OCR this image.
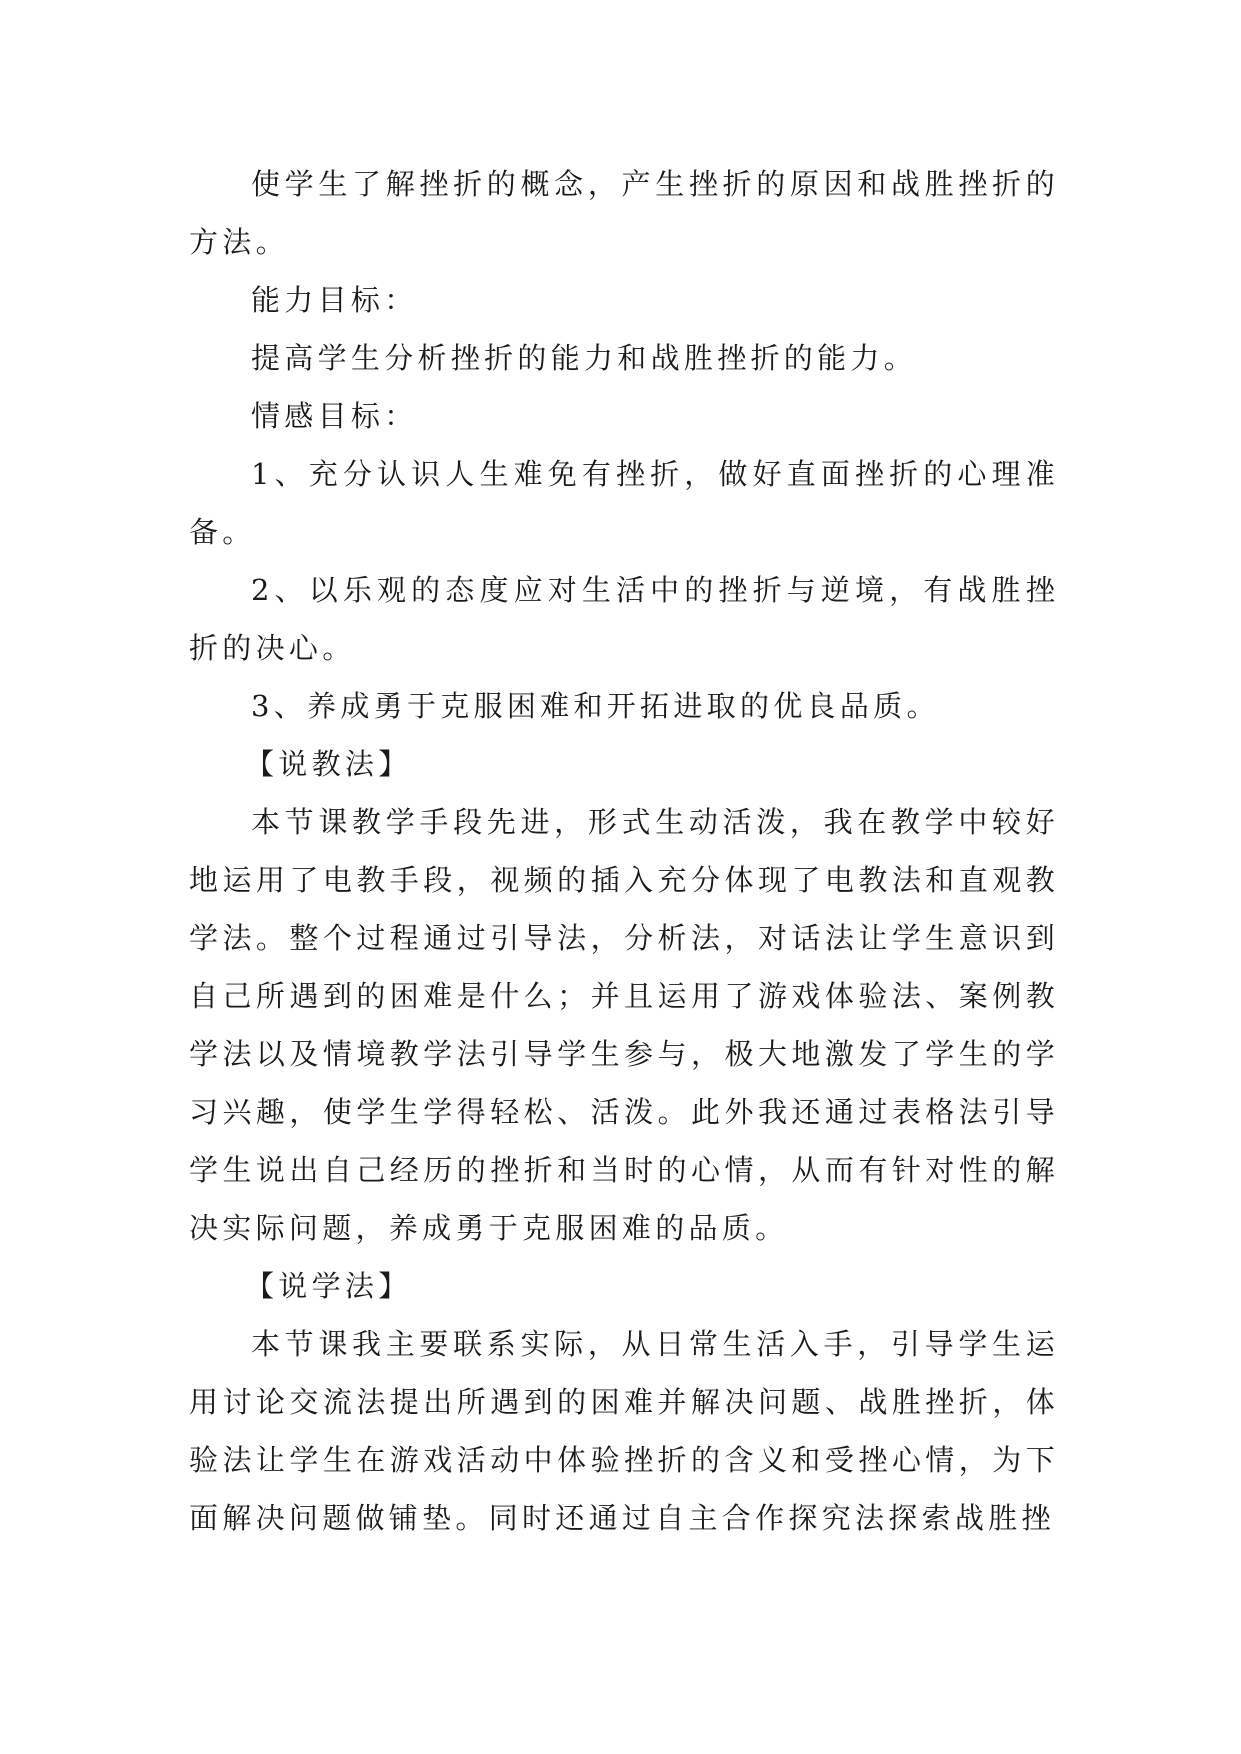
使学生了解挫折的概念，产生挫折的原因和战胜挫折的方法。

能力目标：

提高学生分析挫折的能力和战胜挫折的能力。

情感目标：

1、充分认识人生难免有挫折，做好直面挫折的心理准备。

2、以乐观的态度应对生活中的挫折与逆境，有战胜挫折的决心。

3、养成勇于克服困难和开拓进取的优良品质。

【说教法】

本节课教学手段先进，形式生动活泼，我在教学中较好地运用了电教手段，视频的插入充分体现了电教法和直观教学法。整个过程通过引导法，分析法，对话法让学生意识到自己所遇到的困难是什么；并且运用了游戏体验法、案例教学法以及情境教学法引导学生参与，极大地激发了学生的学习兴趣，使学生学得轻松、活泼。此外我还通过表格法引导学生说出自己经历的挫折和当时的心情，从而有针对性的解决实际问题，养成勇于克服困难的品质。

【说学法】

本节课我主要联系实际，从日常生活入手，引导学生运用讨论交流法提出所遇到的困难并解决问题、战胜挫折，体验法让学生在游戏活动中体验挫折的含义和受挫心情，为下面解决问题做铺垫。同时还通过自主合作探究法探索战胜挫
